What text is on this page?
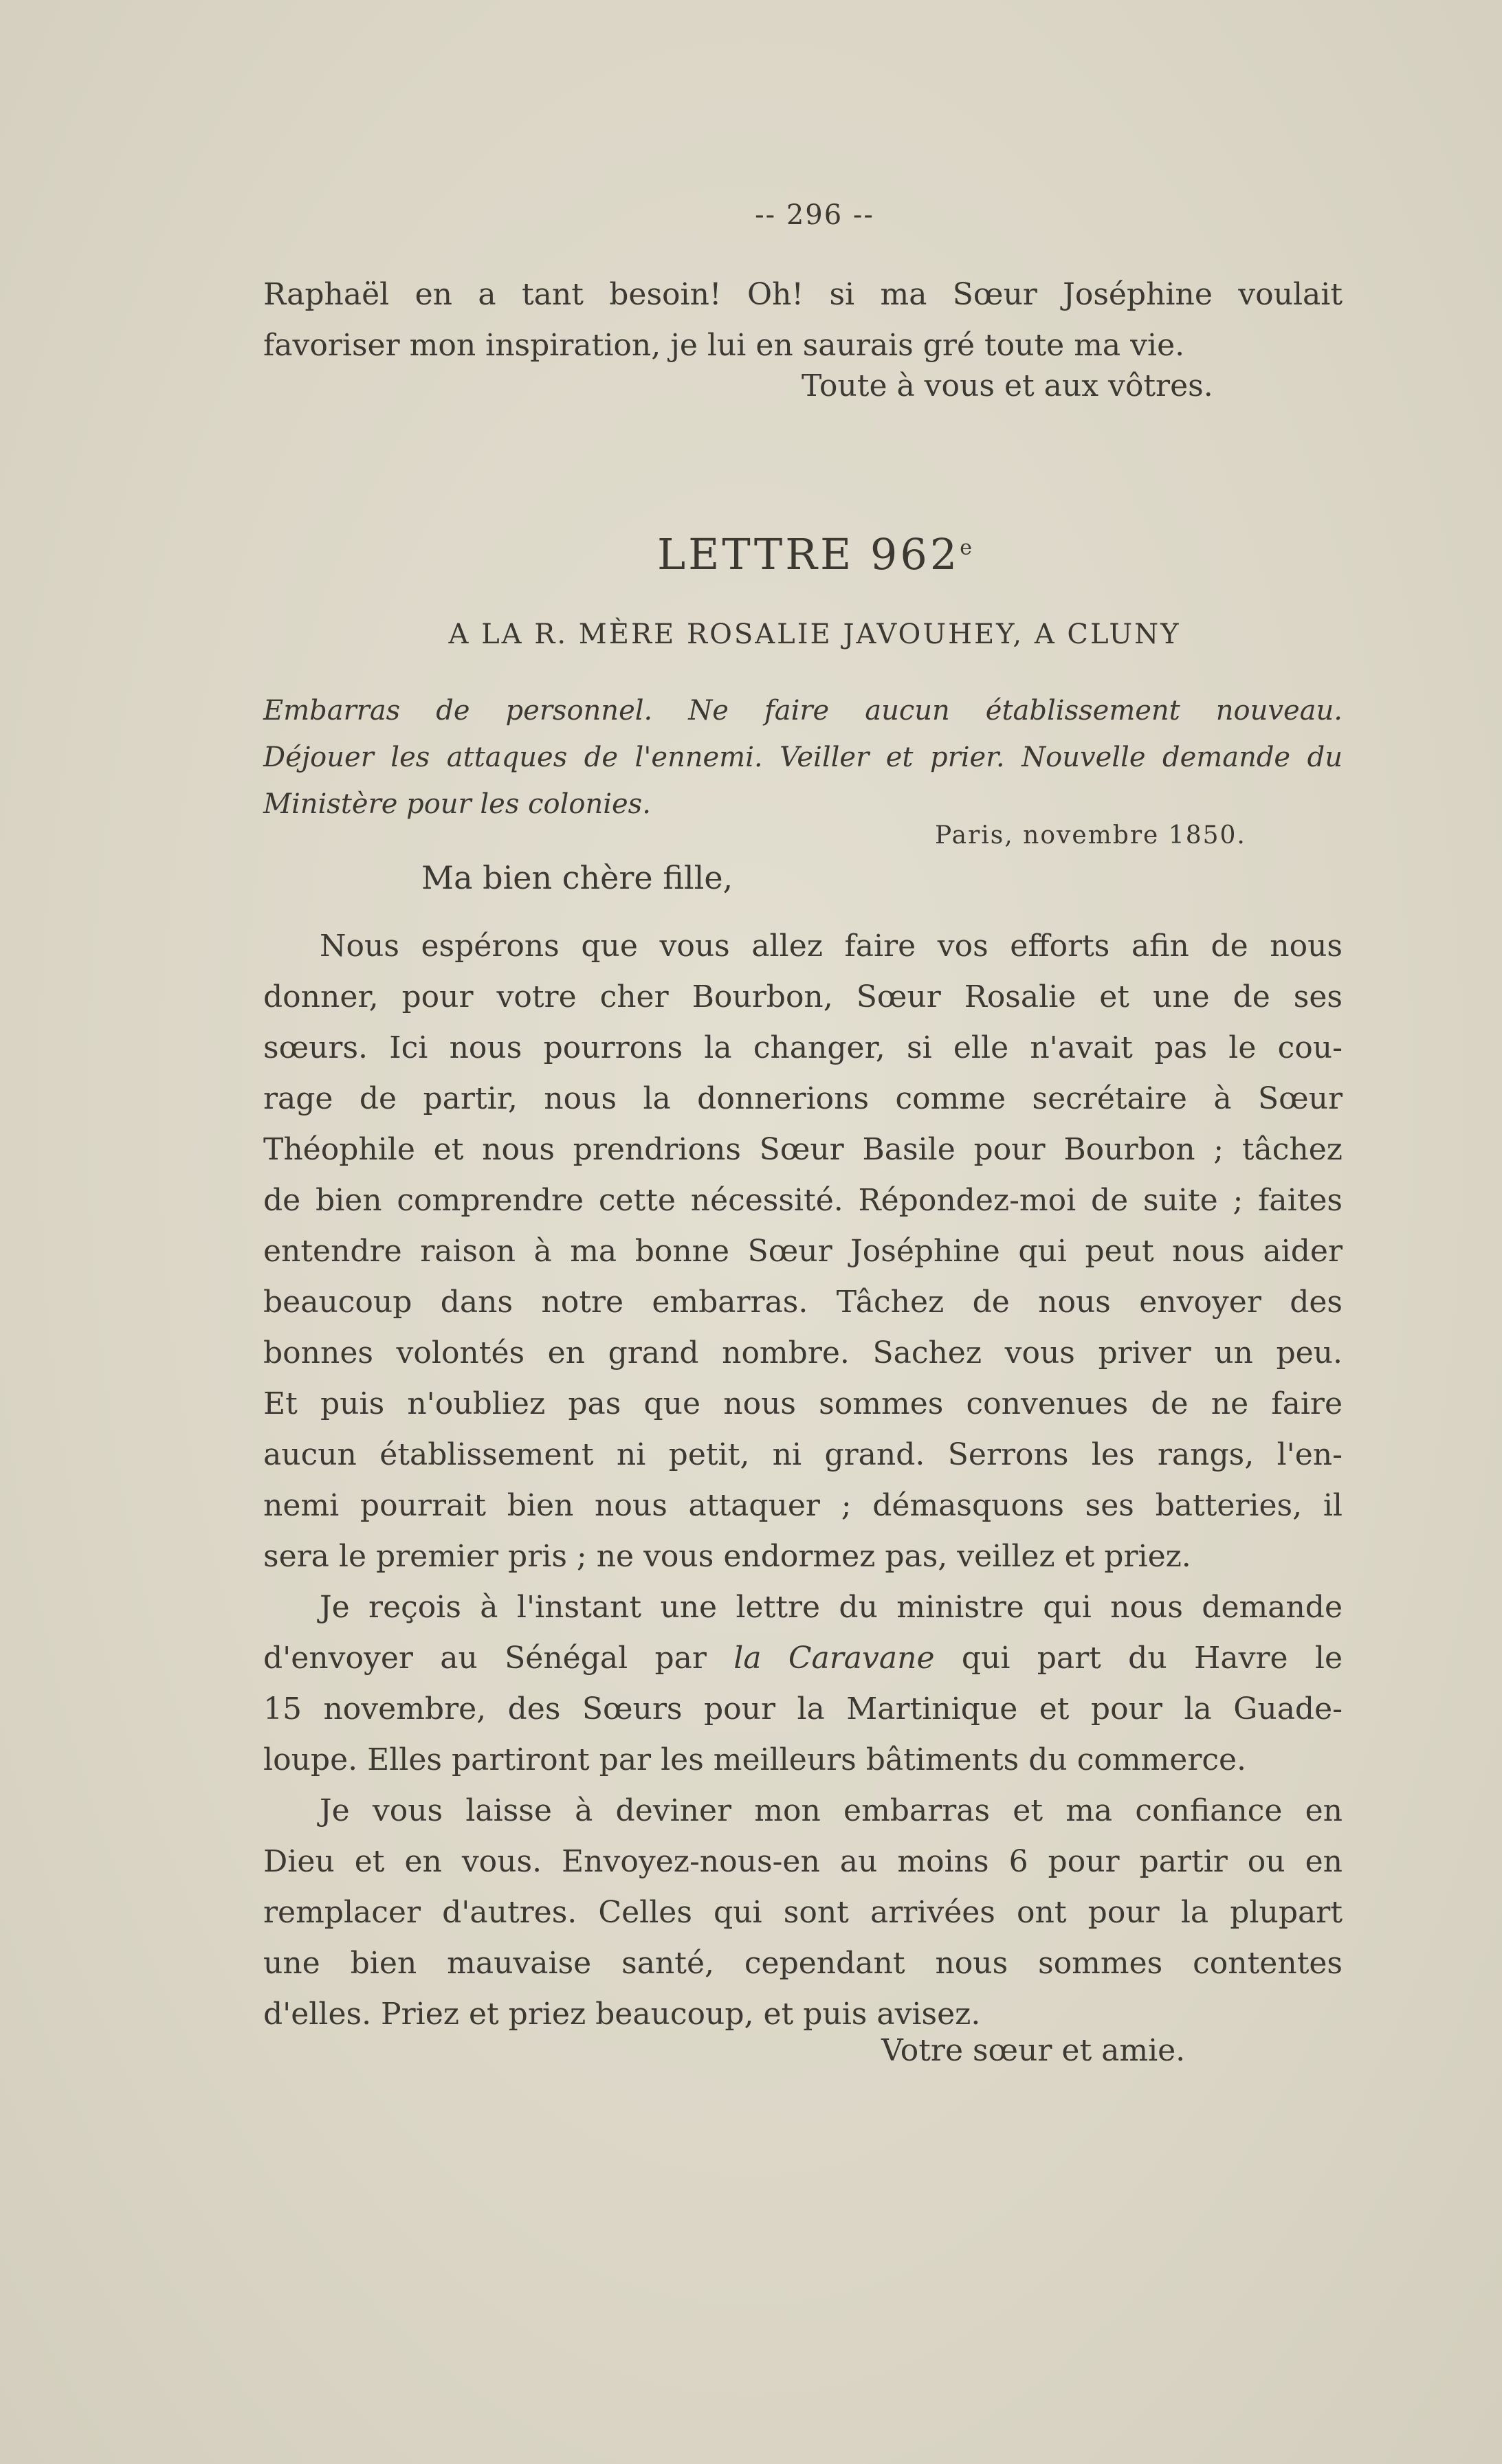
-- 296 --
Raphaël en a tant besoin! Oh! si ma Sœur Joséphine voulait
favoriser mon inspiration, je lui en saurais gré toute ma vie.
Toute à vous et aux vôtres.
LETTRE 962e
A LA R. MÈRE ROSALIE JAVOUHEY, A CLUNY
Embarras de personnel. Ne faire aucun établissement nouveau.
Déjouer les attaques de l'ennemi. Veiller et prier. Nouvelle demande du
Ministère pour les colonies.
Paris, novembre 1850.
Ma bien chère fille,
Nous espérons que vous allez faire vos efforts afin de nous
donner, pour votre cher Bourbon, Sœur Rosalie et une de ses
sœurs. Ici nous pourrons la changer, si elle n'avait pas le cou-
rage de partir, nous la donnerions comme secrétaire à Sœur
Théophile et nous prendrions Sœur Basile pour Bourbon ; tâchez
de bien comprendre cette nécessité. Répondez-moi de suite ; faites
entendre raison à ma bonne Sœur Joséphine qui peut nous aider
beaucoup dans notre embarras. Tâchez de nous envoyer des
bonnes volontés en grand nombre. Sachez vous priver un peu.
Et puis n'oubliez pas que nous sommes convenues de ne faire
aucun établissement ni petit, ni grand. Serrons les rangs, l'en-
nemi pourrait bien nous attaquer ; démasquons ses batteries, il
sera le premier pris ; ne vous endormez pas, veillez et priez.
Je reçois à l'instant une lettre du ministre qui nous demande
d'envoyer au Sénégal par la Caravane qui part du Havre le
15 novembre, des Sœurs pour la Martinique et pour la Guade-
loupe. Elles partiront par les meilleurs bâtiments du commerce.
Je vous laisse à deviner mon embarras et ma confiance en
Dieu et en vous. Envoyez-nous-en au moins 6 pour partir ou en
remplacer d'autres. Celles qui sont arrivées ont pour la plupart
une bien mauvaise santé, cependant nous sommes contentes
d'elles. Priez et priez beaucoup, et puis avisez.
Votre sœur et amie.
